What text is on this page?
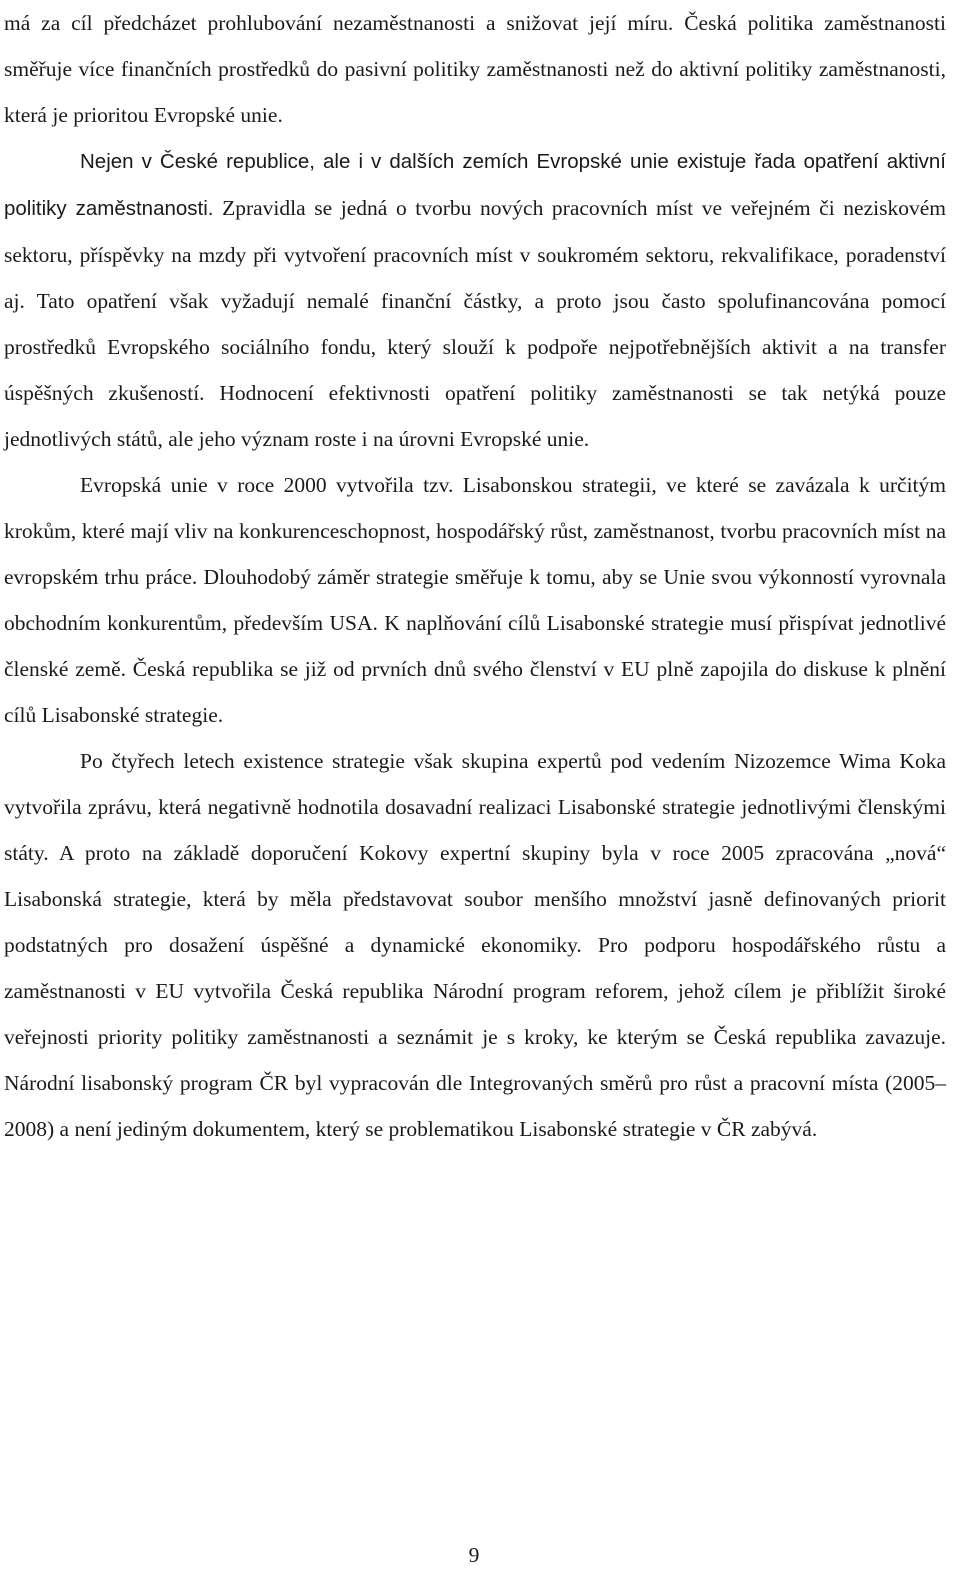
má za cíl předcházet prohlubování nezaměstnanosti a snižovat její míru. Česká politika zaměstnanosti směřuje více finančních prostředků do pasivní politiky zaměstnanosti než do aktivní politiky zaměstnanosti, která je prioritou Evropské unie.

Nejen v České republice, ale i v dalších zemích Evropské unie existuje řada opatření aktivní politiky zaměstnanosti. Zpravidla se jedná o tvorbu nových pracovních míst ve veřejném či neziskovém sektoru, příspěvky na mzdy při vytvoření pracovních míst v soukromém sektoru, rekvalifikace, poradenství aj. Tato opatření však vyžadují nemalé finanční částky, a proto jsou často spolufinancována pomocí prostředků Evropského sociálního fondu, který slouží k podpoře nejpotřebnějších aktivit a na transfer úspěšných zkušeností. Hodnocení efektivnosti opatření politiky zaměstnanosti se tak netýká pouze jednotlivých států, ale jeho význam roste i na úrovni Evropské unie.

Evropská unie v roce 2000 vytvořila tzv. Lisabonskou strategii, ve které se zavázala k určitým krokům, které mají vliv na konkurenceschopnost, hospodářský růst, zaměstnanost, tvorbu pracovních míst na evropském trhu práce. Dlouhodobý záměr strategie směřuje k tomu, aby se Unie svou výkonností vyrovnala obchodním konkurentům, především USA. K naplňování cílů Lisabonské strategie musí přispívat jednotlivé členské země. Česká republika se již od prvních dnů svého členství v EU plně zapojila do diskuse k plnění cílů Lisabonské strategie.

Po čtyřech letech existence strategie však skupina expertů pod vedením Nizozemce Wima Koka vytvořila zprávu, která negativně hodnotila dosavadní realizaci Lisabonské strategie jednotlivými členskými státy. A proto na základě doporučení Kokovy expertní skupiny byla v roce 2005 zpracována „nová“ Lisabonská strategie, která by měla představovat soubor menšího množství jasně definovaných priorit podstatných pro dosažení úspěšné a dynamické ekonomiky. Pro podporu hospodářského růstu a zaměstnanosti v EU vytvořila Česká republika Národní program reforem, jehož cílem je přiblížit široké veřejnosti priority politiky zaměstnanosti a seznámit je s kroky, ke kterým se Česká republika zavazuje. Národní lisabonský program ČR byl vypracován dle Integrovaných směrů pro růst a pracovní místa (2005–2008) a není jediným dokumentem, který se problematikou Lisabonské strategie v ČR zabývá.

9
